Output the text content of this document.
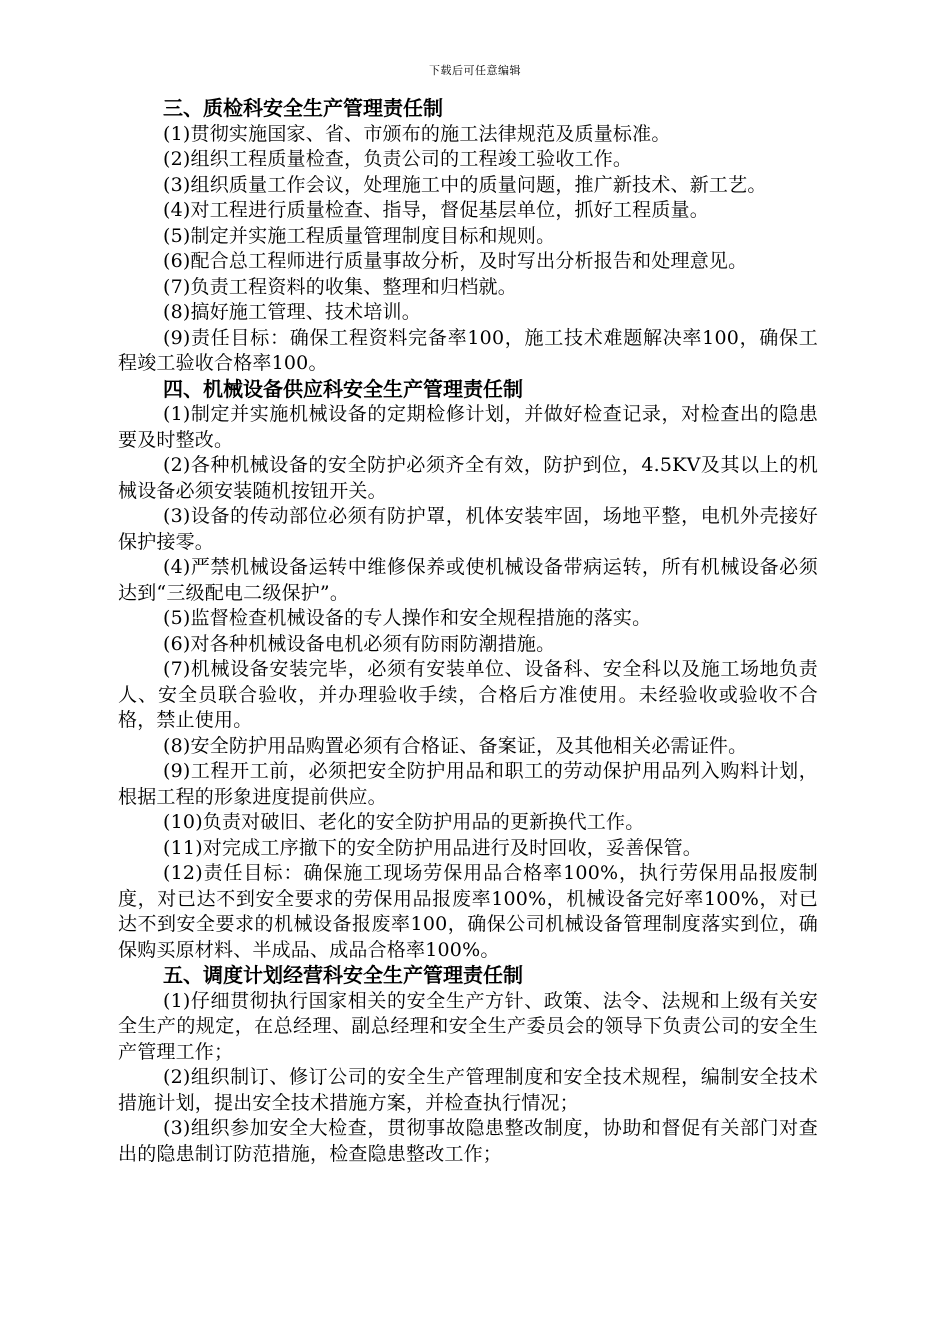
下载后可任意编辑
三、质检科安全生产管理责任制

(1)贯彻实施国家、省、市颁布的施工法律规范及质量标准。

(2)组织工程质量检查，负责公司的工程竣工验收工作。

(3)组织质量工作会议，处理施工中的质量问题，推广新技术、新工艺。

(4)对工程进行质量检查、指导，督促基层单位，抓好工程质量。

(5)制定并实施工程质量管理制度目标和规则。

(6)配合总工程师进行质量事故分析，及时写出分析报告和处理意见。

(7)负责工程资料的收集、整理和归档就。

(8)搞好施工管理、技术培训。

(9)责任目标：确保工程资料完备率100，施工技术难题解决率100，确保工程竣工验收合格率100。

四、机械设备供应科安全生产管理责任制

(1)制定并实施机械设备的定期检修计划，并做好检查记录，对检查出的隐患要及时整改。

(2)各种机械设备的安全防护必须齐全有效，防护到位，4.5KV及其以上的机械设备必须安装随机按钮开关。

(3)设备的传动部位必须有防护罩，机体安装牢固，场地平整，电机外壳接好保护接零。

(4)严禁机械设备运转中维修保养或使机械设备带病运转，所有机械设备必须达到“三级配电二级保护”。

(5)监督检查机械设备的专人操作和安全规程措施的落实。

(6)对各种机械设备电机必须有防雨防潮措施。

(7)机械设备安装完毕，必须有安装单位、设备科、安全科以及施工场地负责人、安全员联合验收，并办理验收手续，合格后方准使用。未经验收或验收不合格，禁止使用。

(8)安全防护用品购置必须有合格证、备案证，及其他相关必需证件。

(9)工程开工前，必须把安全防护用品和职工的劳动保护用品列入购料计划，根据工程的形象进度提前供应。

(10)负责对破旧、老化的安全防护用品的更新换代工作。

(11)对完成工序撤下的安全防护用品进行及时回收，妥善保管。

(12)责任目标：确保施工现场劳保用品合格率100%，执行劳保用品报废制度，对已达不到安全要求的劳保用品报废率100%，机械设备完好率100%，对已达不到安全要求的机械设备报废率100，确保公司机械设备管理制度落实到位，确保购买原材料、半成品、成品合格率100%。

五、调度计划经营科安全生产管理责任制

(1)仔细贯彻执行国家相关的安全生产方针、政策、法令、法规和上级有关安全生产的规定，在总经理、副总经理和安全生产委员会的领导下负责公司的安全生产管理工作；

(2)组织制订、修订公司的安全生产管理制度和安全技术规程，编制安全技术措施计划，提出安全技术措施方案，并检查执行情况；

(3)组织参加安全大检查，贯彻事故隐患整改制度，协助和督促有关部门对查出的隐患制订防范措施，检查隐患整改工作；
